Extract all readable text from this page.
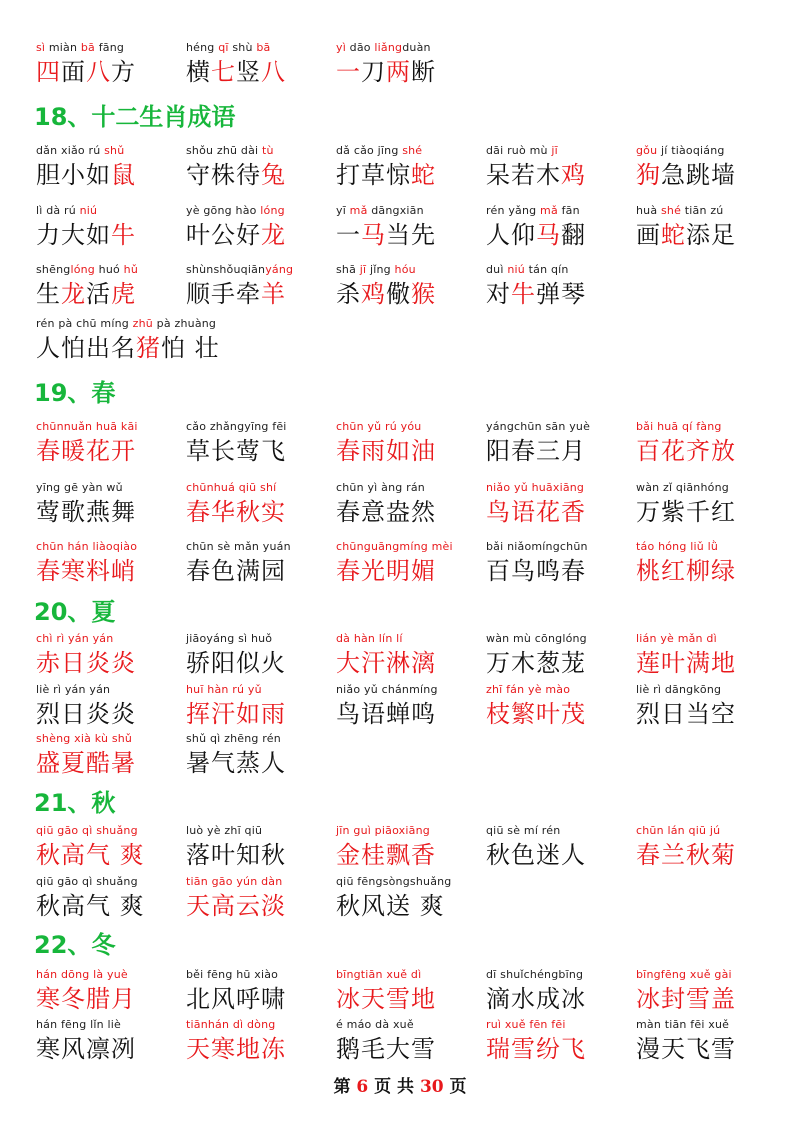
sì miàn bā fāng
四面八方
héng qī shù bā
横七竖八
yì dāo liǎngduàn
一刀两断
18、十二生肖成语
dǎn xiǎo rú shǔ
胆小如鼠
shǒu zhū dài tù
守株待兔
dǎ cǎo jīng shé
打草惊蛇
dāi ruò mù jī
呆若木鸡
gǒu jí tiàoqiáng
狗急跳墙
lì dà rú niú
力大如牛
yè gōng hào lóng
叶公好龙
yī mǎ dāngxiān
一马当先
rén yǎng mǎ fān
人仰马翻
huà shé tiān zú
画蛇添足
shēnglóng huó hǔ
生龙活虎
shùnshǒuqiānyáng
顺手牵羊
shā jī jǐng hóu
杀鸡儆猴
duì niú tán qín
对牛弹琴
rén pà chū míng zhū pà zhuàng
人怕出名猪怕 壮
19、春
chūnnuǎn huā kāi
春暖花开
cǎo zhǎngyīng fēi
草长莺飞
chūn yǔ rú yóu
春雨如油
yángchūn sān yuè
阳春三月
bǎi huā qí fàng
百花齐放
yīng gē yàn wǔ
莺歌燕舞
chūnhuá qiū shí
春华秋实
chūn yì àng rán
春意盎然
niǎo yǔ huāxiāng
鸟语花香
wàn zǐ qiānhóng
万紫千红
chūn hán liàoqiào
春寒料峭
chūn sè mǎn yuán
春色满园
chūnguāngmíng mèi
春光明媚
bǎi niǎomíngchūn
百鸟鸣春
táo hóng liǔ lǜ
桃红柳绿
20、夏
chì rì yán yán
赤日炎炎
jiāoyáng sì huǒ
骄阳似火
dà hàn lín lí
大汗淋漓
wàn mù cōnglóng
万木葱茏
lián yè mǎn dì
莲叶满地
liè rì yán yán
烈日炎炎
huī hàn rú yǔ
挥汗如雨
niǎo yǔ chánmíng
鸟语蝉鸣
zhī fán yè mào
枝繁叶茂
liè rì dāngkōng
烈日当空
shèng xià kù shǔ
盛夏酷暑
shǔ qì zhēng rén
暑气蒸人
21、秋
qiū gāo qì shuǎng
秋高气 爽
luò yè zhī qiū
落叶知秋
jīn guì piāoxiāng
金桂飘香
qiū sè mí rén
秋色迷人
chūn lán qiū jú
春兰秋菊
qiū gāo qì shuǎng
秋高气 爽
tiān gāo yún dàn
天高云淡
qiū fēngsòngshuǎng
秋风送 爽
22、冬
hán dōng là yuè
寒冬腊月
běi fēng hū xiào
北风呼啸
bīngtiān xuě dì
冰天雪地
dī shuǐchéngbīng
滴水成冰
bīngfēng xuě gài
冰封雪盖
hán fēng lǐn liè
寒风凛冽
tiānhán dì dòng
天寒地冻
é máo dà xuě
鹅毛大雪
ruì xuě fēn fēi
瑞雪纷飞
màn tiān fēi xuě
漫天飞雪
第 6 页 共 30 页
